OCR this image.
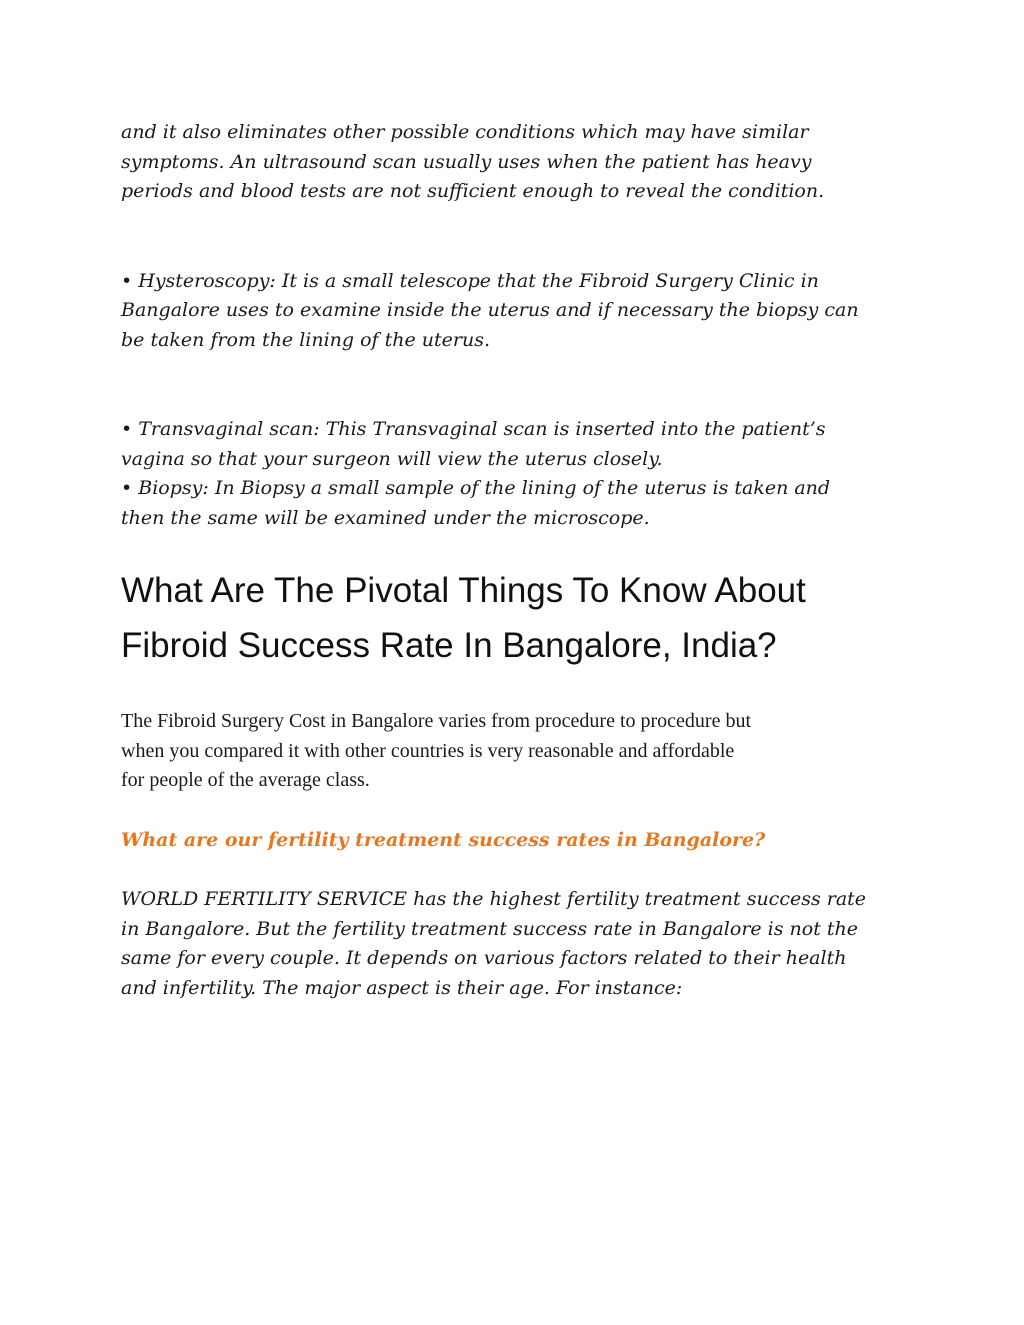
and it also eliminates other possible conditions which may have similar
symptoms. An ultrasound scan usually uses when the patient has heavy
periods and blood tests are not sufficient enough to reveal the condition.

• Hysteroscopy: It is a small telescope that the Fibroid Surgery Clinic in
Bangalore uses to examine inside the uterus and if necessary the biopsy can
be taken from the lining of the uterus.

• Transvaginal scan: This Transvaginal scan is inserted into the patient’s
vagina so that your surgeon will view the uterus closely.

• Biopsy: In Biopsy a small sample of the lining of the uterus is taken and
then the same will be examined under the microscope.

What Are The Pivotal Things To Know About
Fibroid Success Rate In Bangalore, India?

The Fibroid Surgery Cost in Bangalore varies from procedure to procedure but
when you compared it with other countries is very reasonable and affordable
for people of the average class.

What are our fertility treatment success rates in Bangalore?

WORLD FERTILITY SERVICE has the highest fertility treatment success rate
in Bangalore. But the fertility treatment success rate in Bangalore is not the
same for every couple. It depends on various factors related to their health
and infertility. The major aspect is their age. For instance:
